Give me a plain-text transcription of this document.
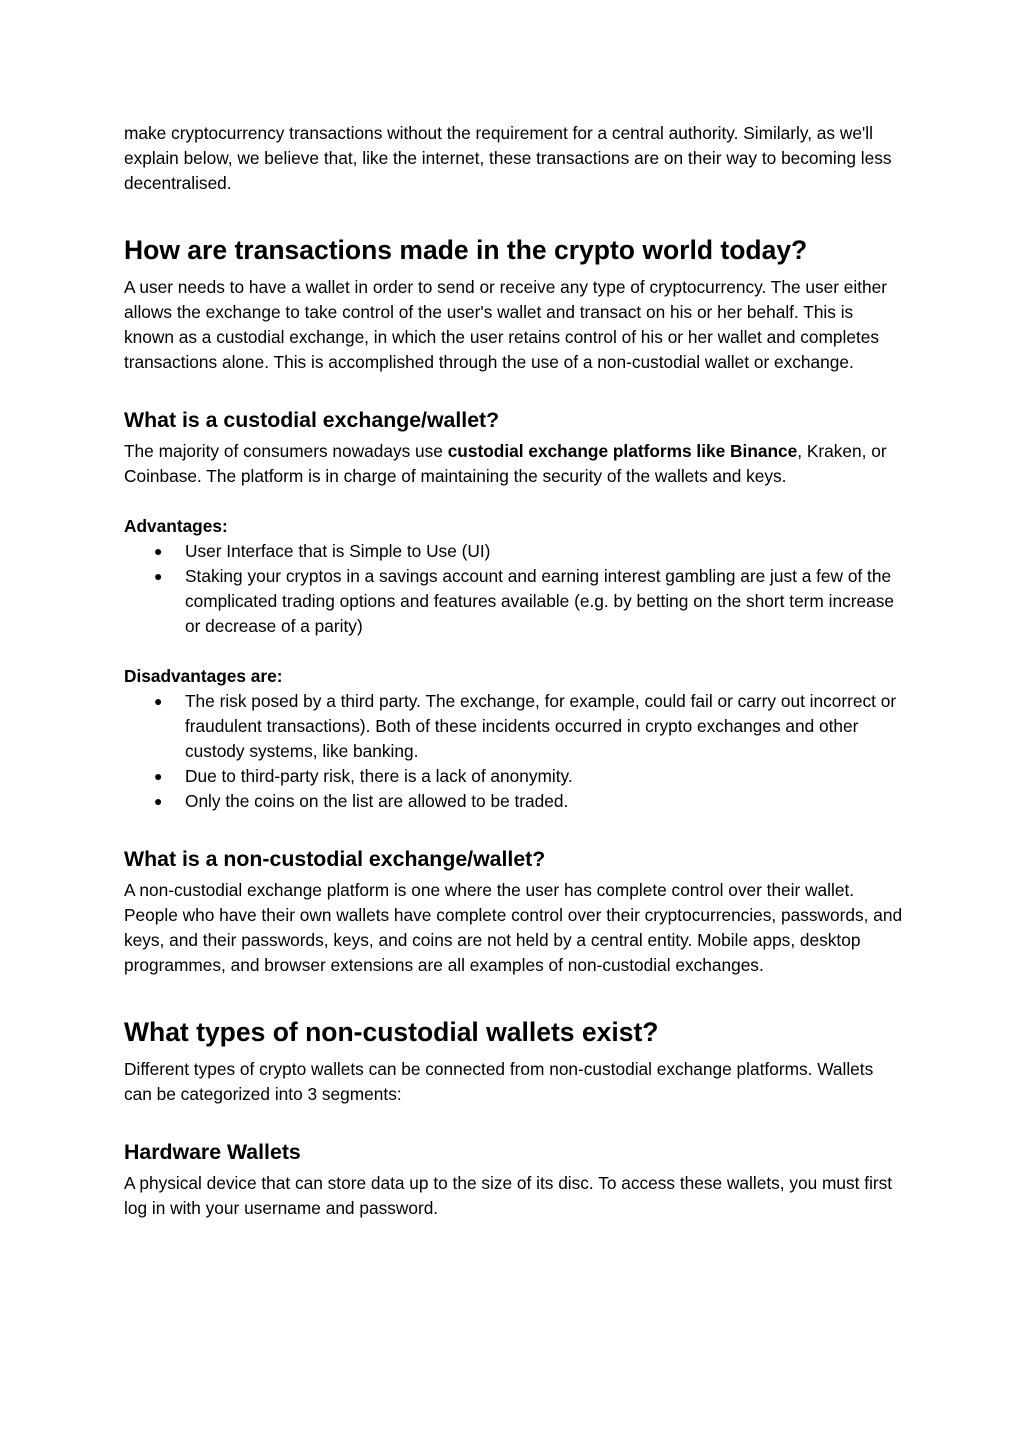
make cryptocurrency transactions without the requirement for a central authority. Similarly, as we'll explain below, we believe that, like the internet, these transactions are on their way to becoming less decentralised.

How are transactions made in the crypto world today?

A user needs to have a wallet in order to send or receive any type of cryptocurrency. The user either allows the exchange to take control of the user's wallet and transact on his or her behalf. This is known as a custodial exchange, in which the user retains control of his or her wallet and completes transactions alone. This is accomplished through the use of a non-custodial wallet or exchange.

What is a custodial exchange/wallet?

The majority of consumers nowadays use custodial exchange platforms like Binance, Kraken, or Coinbase. The platform is in charge of maintaining the security of the wallets and keys.

Advantages:

● User Interface that is Simple to Use (UI)
● Staking your cryptos in a savings account and earning interest gambling are just a few of the complicated trading options and features available (e.g. by betting on the short term increase or decrease of a parity)

Disadvantages are:

● The risk posed by a third party. The exchange, for example, could fail or carry out incorrect or fraudulent transactions). Both of these incidents occurred in crypto exchanges and other custody systems, like banking.
● Due to third-party risk, there is a lack of anonymity.
● Only the coins on the list are allowed to be traded.
What is a non-custodial exchange/wallet?

A non-custodial exchange platform is one where the user has complete control over their wallet. People who have their own wallets have complete control over their cryptocurrencies, passwords, and keys, and their passwords, keys, and coins are not held by a central entity. Mobile apps, desktop programmes, and browser extensions are all examples of non-custodial exchanges.

What types of non-custodial wallets exist?

Different types of crypto wallets can be connected from non-custodial exchange platforms. Wallets can be categorized into 3 segments:

Hardware Wallets

A physical device that can store data up to the size of its disc. To access these wallets, you must first log in with your username and password.
